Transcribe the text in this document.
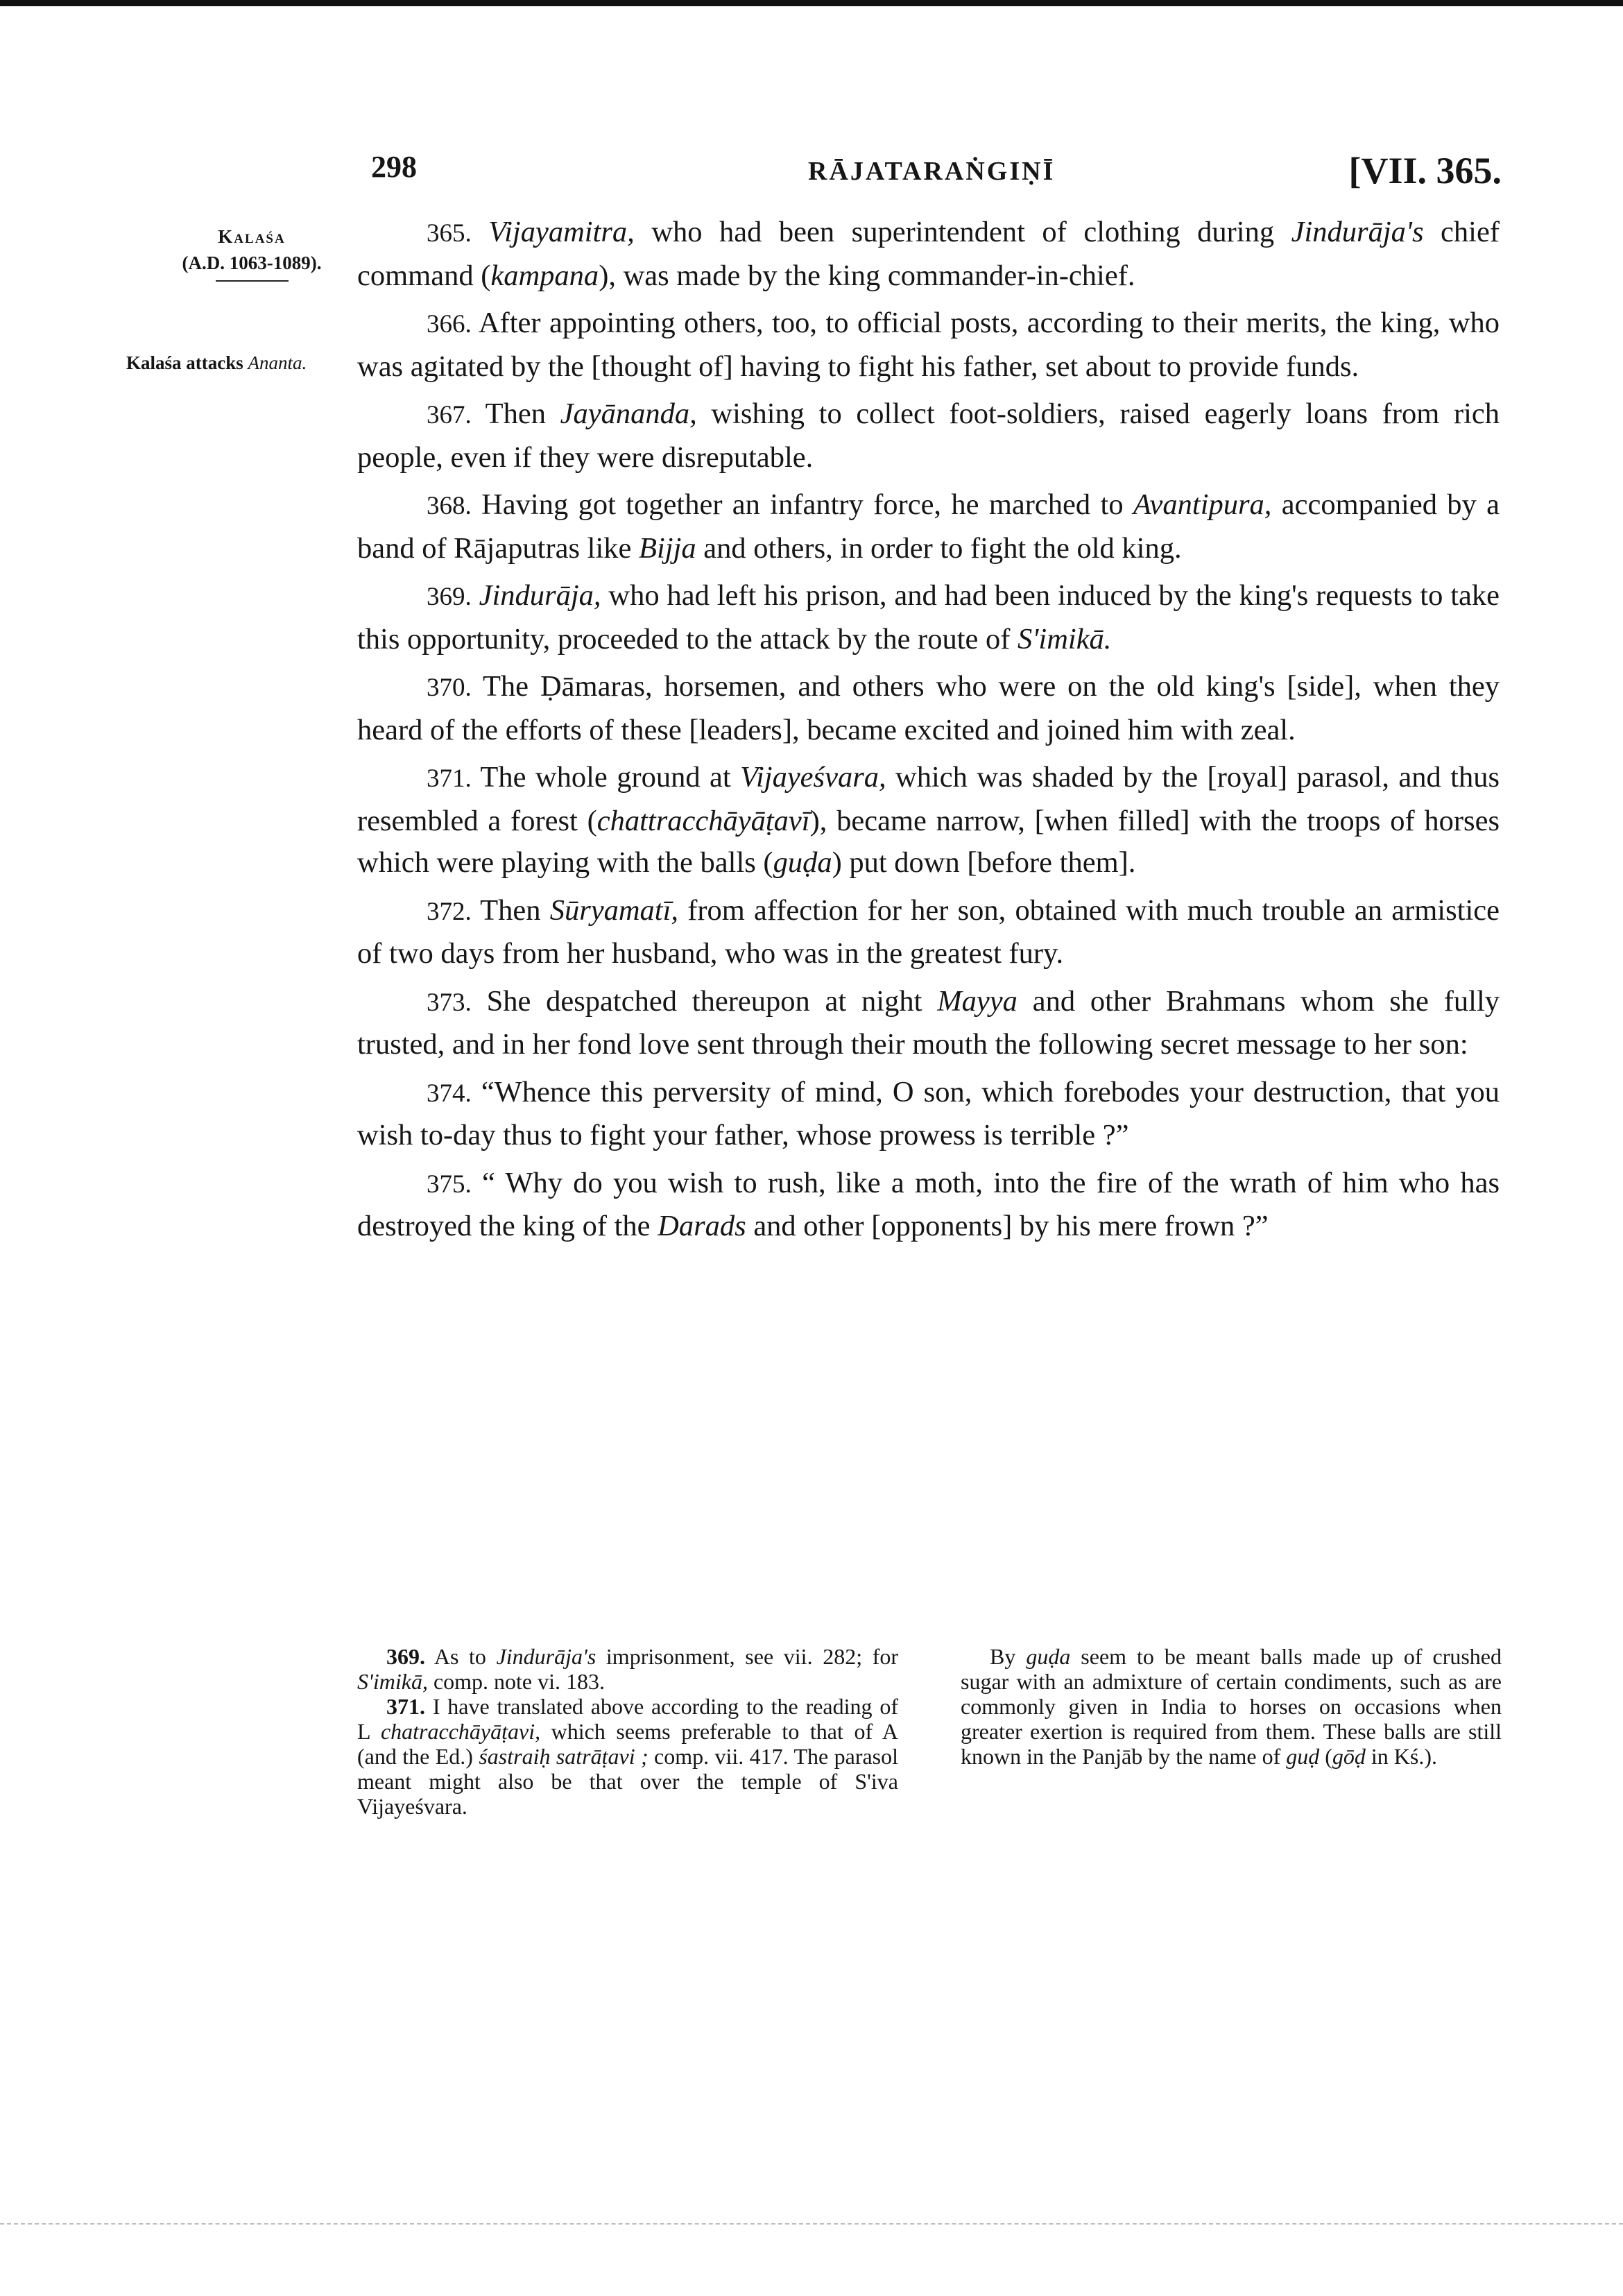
298	RĀJATARAṄGIṆĪ	[VII. 365.
Kalaśa
(A.D. 1063-1089).
Kalaśa attacks Ananta.

365. Vijayamitra, who had been superintendent of clothing during Jindurāja's chief command (kampana), was made by the king commander-in-chief.

366. After appointing others, too, to official posts, according to their merits, the king, who was agitated by the [thought of] having to fight his father, set about to provide funds.

367. Then Jayānanda, wishing to collect foot-soldiers, raised eagerly loans from rich people, even if they were disreputable.

368. Having got together an infantry force, he marched to Avantipura, accompanied by a band of Rājaputras like Bijja and others, in order to fight the old king.

369. Jindurāja, who had left his prison, and had been induced by the king's requests to take this opportunity, proceeded to the attack by the route of S'imikā.

370. The Ḍāmaras, horsemen, and others who were on the old king's [side], when they heard of the efforts of these [leaders], became excited and joined him with zeal.

371. The whole ground at Vijayeśvara, which was shaded by the [royal] parasol, and thus resembled a forest (chattracchāyāṭavī), became narrow, [when filled] with the troops of horses which were playing with the balls (guḍa) put down [before them].

372. Then Sūryamatī, from affection for her son, obtained with much trouble an armistice of two days from her husband, who was in the greatest fury.

373. She despatched thereupon at night Mayya and other Brahmans whom she fully trusted, and in her fond love sent through their mouth the following secret message to her son:

374. “Whence this perversity of mind, O son, which forebodes your destruction, that you wish to-day thus to fight your father, whose prowess is terrible ?”

375. “ Why do you wish to rush, like a moth, into the fire of the wrath of him who has destroyed the king of the Darads and other [opponents] by his mere frown ?”

369. As to Jindurāja's imprisonment, see vii. 282; for S'imikā, comp. note vi. 183.

371. I have translated above according to the reading of L chatracchāyāṭavi, which seems preferable to that of A (and the Ed.) śastraiḥ satrāṭavi ; comp. vii. 417. The parasol meant might also be that over the temple of S'iva Vijayeśvara.

By guḍa seem to be meant balls made up of crushed sugar with an admixture of certain condiments, such as are commonly given in India to horses on occasions when greater exertion is required from them. These balls are still known in the Panjāb by the name of guḍ (gōḍ in Kś.).
